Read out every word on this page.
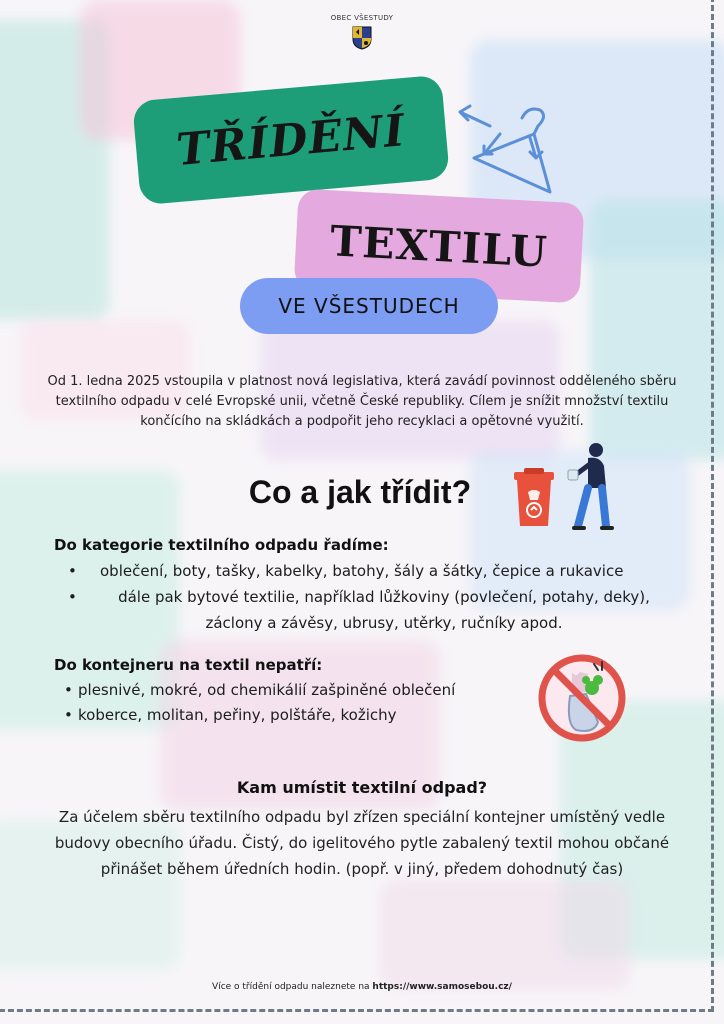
OBEC VŠESTUDY
TŘÍDĚNÍ
TEXTILU
VE VŠESTUDECH
Od 1. ledna 2025 vstoupila v platnost nová legislativa, která zavádí povinnost odděleného sběru textilního odpadu v celé Evropské unii, včetně České republiky. Cílem je snížit množství textilu končícího na skládkách a podpořit jeho recyklaci a opětovné využití.
Co a jak třídit?
Do kategorie textilního odpadu řadíme:
• oblečení, boty, tašky, kabelky, batohy, šály a šátky, čepice a rukavice
• dále pak bytové textilie, například lůžkoviny (povlečení, potahy, deky), záclony a závěsy, ubrusy, utěrky, ručníky apod.
Do kontejneru na textil nepatří:
• plesnivé, mokré, od chemikálií zašpiněné oblečení
• koberce, molitan, peřiny, polštáře, kožichy
Kam umístit textilní odpad?
Za účelem sběru textilního odpadu byl zřízen speciální kontejner umístěný vedle budovy obecního úřadu. Čistý, do igelitového pytle zabalený textil mohou občané přinášet během úředních hodin. (popř. v jiný, předem dohodnutý čas)
Více o třídění odpadu naleznete na https://www.samosebou.cz/
